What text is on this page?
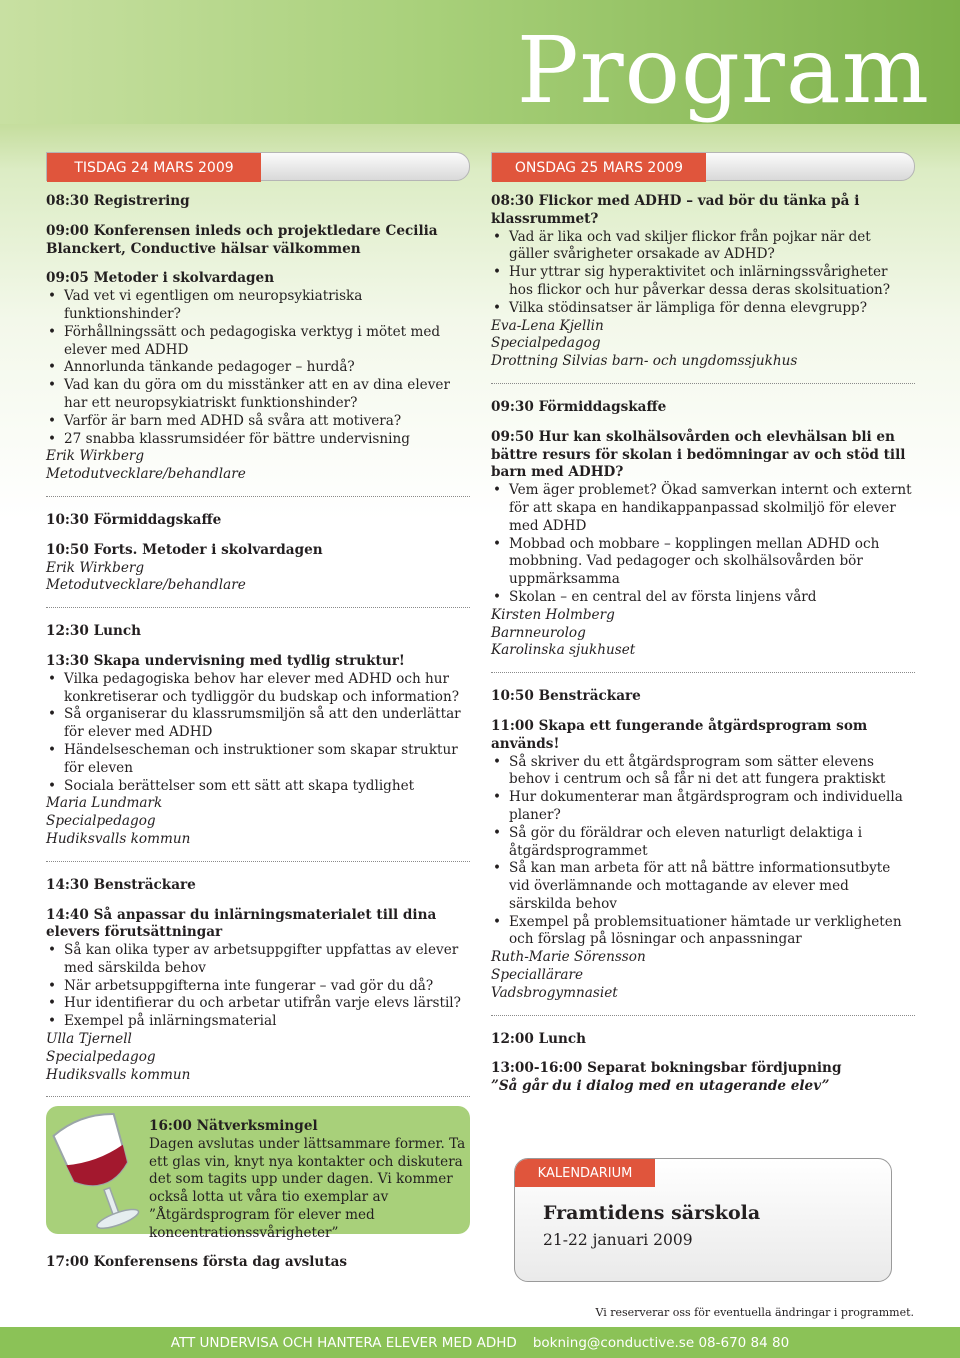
Program
TISDAG 24 MARS 2009
08:30 Registrering
09:00 Konferensen inleds och projektledare Cecilia Blanckert, Conductive hälsar välkommen
09:05 Metoder i skolvardagen
• Vad vet vi egentligen om neuropsykiatriska funktionshinder?
• Förhållningssätt och pedagogiska verktyg i mötet med elever med ADHD
• Annorlunda tänkande pedagoger – hurdå?
• Vad kan du göra om du misstänker att en av dina elever har ett neuropsykiatriskt funktionshinder?
• Varför är barn med ADHD så svåra att motivera?
• 27 snabba klassrumsidéer för bättre undervisning
Erik Wirkberg
Metodutvecklare/behandlare
10:30 Förmiddagskaffe
10:50 Forts. Metoder i skolvardagen
Erik Wirkberg
Metodutvecklare/behandlare
12:30 Lunch
13:30 Skapa undervisning med tydlig struktur!
• Vilka pedagogiska behov har elever med ADHD och hur konkretiserar och tydliggör du budskap och information?
• Så organiserar du klassrumsmiljön så att den underlättar för elever med ADHD
• Händelsescheman och instruktioner som skapar struktur för eleven
• Sociala berättelser som ett sätt att skapa tydlighet
Maria Lundmark
Specialpedagog
Hudiksvalls kommun
14:30 Bensträckare
14:40 Så anpassar du inlärningsmaterialet till dina elevers förutsättningar
• Så kan olika typer av arbetsuppgifter uppfattas av elever med särskilda behov
• När arbetsuppgifterna inte fungerar – vad gör du då?
• Hur identifierar du och arbetar utifrån varje elevs lärstil?
• Exempel på inlärningsmaterial
Ulla Tjernell
Specialpedagog
Hudiksvalls kommun
ONSDAG 25 MARS 2009
08:30 Flickor med ADHD – vad bör du tänka på i klassrummet?
• Vad är lika och vad skiljer flickor från pojkar när det gäller svårigheter orsakade av ADHD?
• Hur yttrar sig hyperaktivitet och inlärningssvårigheter hos flickor och hur påverkar dessa deras skolsituation?
• Vilka stödinsatser är lämpliga för denna elevgrupp?
Eva-Lena Kjellin
Specialpedagog
Drottning Silvias barn- och ungdomssjukhus
09:30 Förmiddagskaffe
09:50 Hur kan skolhälsovården och elevhälsan bli en bättre resurs för skolan i bedömningar av och stöd till barn med ADHD?
• Vem äger problemet? Ökad samverkan internt och externt för att skapa en handikappanpassad skolmiljö för elever med ADHD
• Mobbad och mobbare – kopplingen mellan ADHD och mobbning. Vad pedagoger och skolhälsovården bör uppmärksamma
• Skolan – en central del av första linjens vård
Kirsten Holmberg
Barnneurolog
Karolinska sjukhuset
10:50 Bensträckare
11:00 Skapa ett fungerande åtgärdsprogram som används!
• Så skriver du ett åtgärdsprogram som sätter elevens behov i centrum och så får ni det att fungera praktiskt
• Hur dokumenterar man åtgärdsprogram och individuella planer?
• Så gör du föräldrar och eleven naturligt delaktiga i åtgärdsprogrammet
• Så kan man arbeta för att nå bättre informationsutbyte vid överlämnande och mottagande av elever med särskilda behov
• Exempel på problemsituationer hämtade ur verkligheten och förslag på lösningar och anpassningar
Ruth-Marie Sörensson
Speciallärare
Vadsbrogymnasiet
12:00 Lunch
13:00-16:00 Separat bokningsbar fördjupning
”Så går du i dialog med en utagerande elev”
16:00 Nätverksmingel
Dagen avslutas under lättsammare former. Ta ett glas vin, knyt nya kontakter och diskutera det som tagits upp under dagen. Vi kommer också lotta ut våra tio exemplar av ”Åtgärdsprogram för elever med koncentrationssvårigheter”
17:00 Konferensens första dag avslutas
KALENDARIUM
Framtidens särskola
21-22 januari 2009
Vi reserverar oss för eventuella ändringar i programmet.
ATT UNDERVISA OCH HANTERA ELEVER MED ADHD bokning@conductive.se 08-670 84 80
